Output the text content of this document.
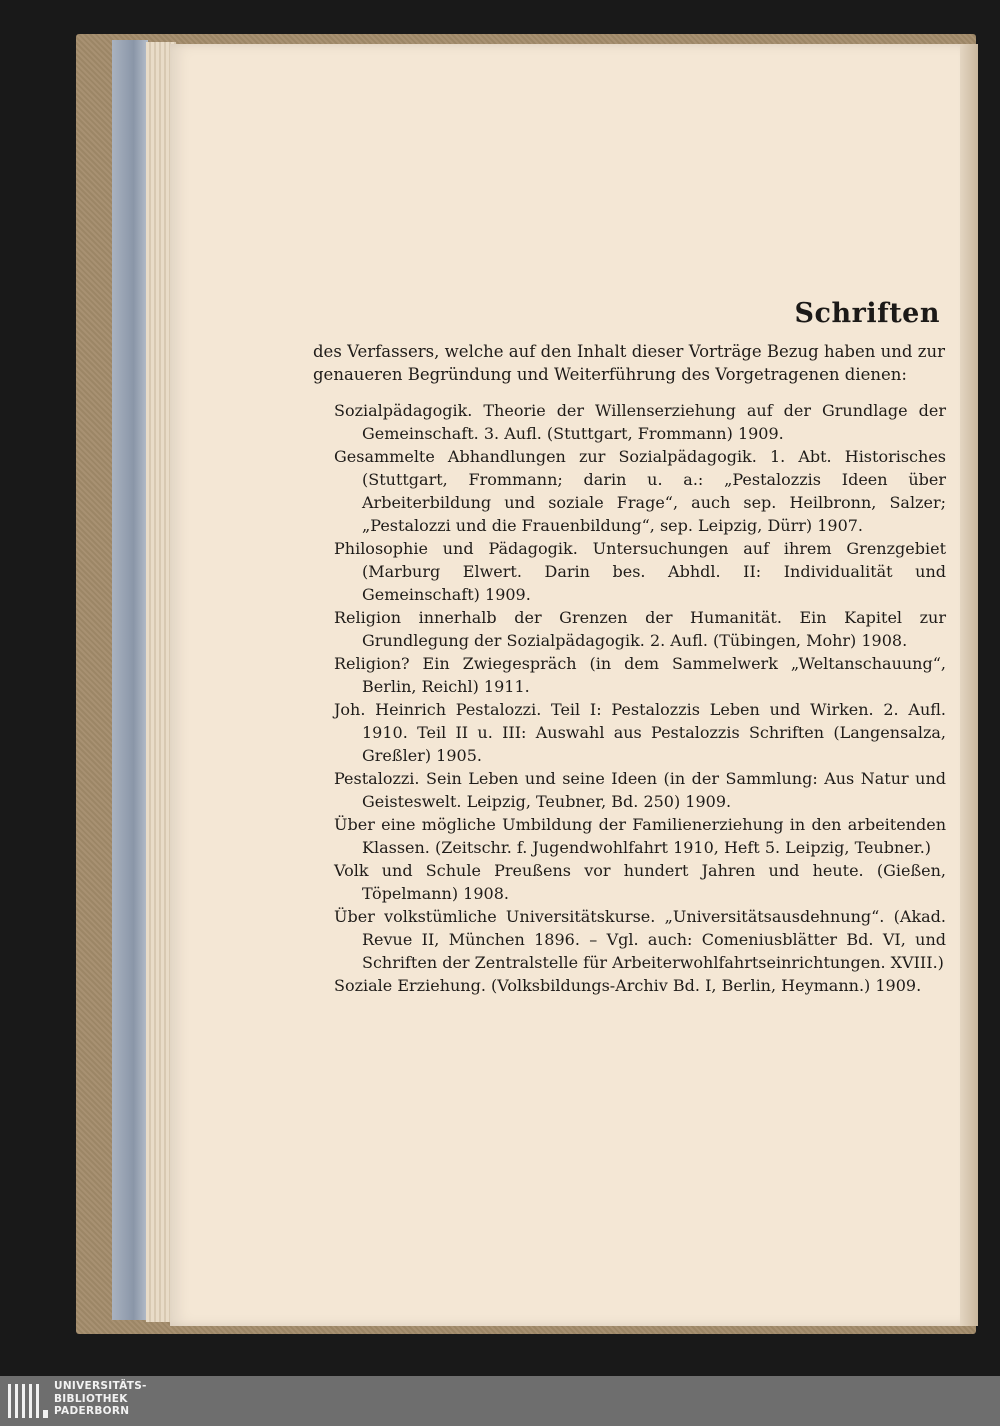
Schriften

des Verfassers, welche auf den Inhalt dieser Vorträge Bezug haben und zur genaueren Begründung und Weiterführung des Vorgetragenen dienen:

Sozialpädagogik. Theorie der Willenserziehung auf der Grundlage der Gemeinschaft. 3. Aufl. (Stuttgart, Frommann) 1909.
Gesammelte Abhandlungen zur Sozialpädagogik. 1. Abt. Historisches (Stuttgart, Frommann; darin u. a.: „Pestalozzis Ideen über Arbeiterbildung und soziale Frage“, auch sep. Heilbronn, Salzer; „Pestalozzi und die Frauenbildung“, sep. Leipzig, Dürr) 1907.
Philosophie und Pädagogik. Untersuchungen auf ihrem Grenzgebiet (Marburg Elwert. Darin bes. Abhdl. II: Individualität und Gemeinschaft) 1909.
Religion innerhalb der Grenzen der Humanität. Ein Kapitel zur Grundlegung der Sozialpädagogik. 2. Aufl. (Tübingen, Mohr) 1908.
Religion? Ein Zwiegespräch (in dem Sammelwerk „Weltanschauung“, Berlin, Reichl) 1911.
Joh. Heinrich Pestalozzi. Teil I: Pestalozzis Leben und Wirken. 2. Aufl. 1910. Teil II u. III: Auswahl aus Pestalozzis Schriften (Langensalza, Greßler) 1905.
Pestalozzi. Sein Leben und seine Ideen (in der Sammlung: Aus Natur und Geisteswelt. Leipzig, Teubner, Bd. 250) 1909.
Über eine mögliche Umbildung der Familienerziehung in den arbeitenden Klassen. (Zeitschr. f. Jugendwohlfahrt 1910, Heft 5. Leipzig, Teubner.)
Volk und Schule Preußens vor hundert Jahren und heute. (Gießen, Töpelmann) 1908.
Über volkstümliche Universitätskurse. „Universitätsausdehnung“. (Akad. Revue II, München 1896. – Vgl. auch: Comeniusblätter Bd. VI, und Schriften der Zentralstelle für Arbeiterwohlfahrtseinrichtungen. XVIII.)
Soziale Erziehung. (Volksbildungs-Archiv Bd. I, Berlin, Heymann.) 1909.
UNIVERSITÄTS-
BIBLIOTHEK
PADERBORN
